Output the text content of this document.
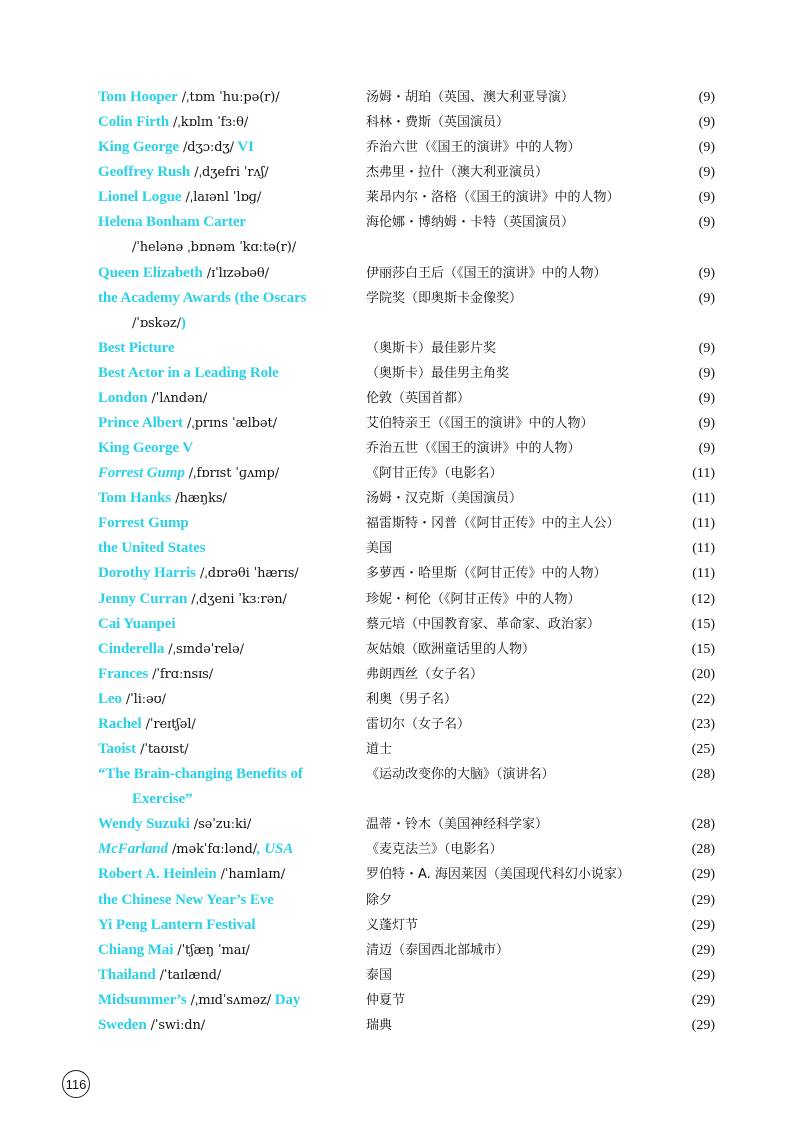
Tom Hooper /ˌtɒm ˈhuːpə(r)/	汤姆・胡珀（英国、澳大利亚导演）	(9)
Colin Firth /ˌkɒlɪn ˈfɜːθ/	科林・费斯（英国演员）	(9)
King George /dʒɔːdʒ/ VI	乔治六世（《国王的演讲》中的人物）	(9)
Geoffrey Rush /ˌdʒefri ˈrʌʃ/	杰弗里・拉什（澳大利亚演员）	(9)
Lionel Logue /ˌlaɪənl ˈlɒɡ/	莱昂内尔・洛格（《国王的演讲》中的人物）	(9)
Helena Bonham Carter	海伦娜・博纳姆・卡特（英国演员）	(9)
/ˈhelənə ˌbɒnəm ˈkɑːtə(r)/
Queen Elizabeth /ɪˈlɪzəbəθ/	伊丽莎白王后（《国王的演讲》中的人物）	(9)
the Academy Awards (the Oscars	学院奖（即奥斯卡金像奖）	(9)
/ˈɒskəz/)
Best Picture	（奥斯卡）最佳影片奖	(9)
Best Actor in a Leading Role	（奥斯卡）最佳男主角奖	(9)
London /ˈlʌndən/	伦敦（英国首都）	(9)
Prince Albert /ˌprɪns ˈælbət/	艾伯特亲王（《国王的演讲》中的人物）	(9)
King George V	乔治五世（《国王的演讲》中的人物）	(9)
Forrest Gump /ˌfɒrɪst ˈɡʌmp/	《阿甘正传》（电影名）	(11)
Tom Hanks /hæŋks/	汤姆・汉克斯（美国演员）	(11)
Forrest Gump	福雷斯特・冈普（《阿甘正传》中的主人公）	(11)
the United States	美国	(11)
Dorothy Harris /ˌdɒrəθi ˈhærɪs/	多萝西・哈里斯（《阿甘正传》中的人物）	(11)
Jenny Curran /ˌdʒeni ˈkɜːrən/	珍妮・柯伦（《阿甘正传》中的人物）	(12)
Cai Yuanpei	蔡元培（中国教育家、革命家、政治家）	(15)
Cinderella /ˌsɪndəˈrelə/	灰姑娘（欧洲童话里的人物）	(15)
Frances /ˈfrɑːnsɪs/	弗朗西丝（女子名）	(20)
Leo /ˈliːəʊ/	利奥（男子名）	(22)
Rachel /ˈreɪtʃəl/	雷切尔（女子名）	(23)
Taoist /ˈtaʊɪst/	道士	(25)
“The Brain-changing Benefits of	《运动改变你的大脑》（演讲名）	(28)
Exercise”
Wendy Suzuki /səˈzuːki/	温蒂・铃木（美国神经科学家）	(28)
McFarland /məkˈfɑːlənd/, USA	《麦克法兰》（电影名）	(28)
Robert A. Heinlein /ˈhaɪnlaɪn/	罗伯特・A. 海因莱因（美国现代科幻小说家）	(29)
the Chinese New Year’s Eve	除夕	(29)
Yi Peng Lantern Festival	义蓬灯节	(29)
Chiang Mai /ˈtʃæŋ ˈmaɪ/	清迈（泰国西北部城市）	(29)
Thailand /ˈtaɪlænd/	泰国	(29)
Midsummer’s /ˌmɪdˈsʌməz/ Day	仲夏节	(29)
Sweden /ˈswiːdn/	瑞典	(29)
116
